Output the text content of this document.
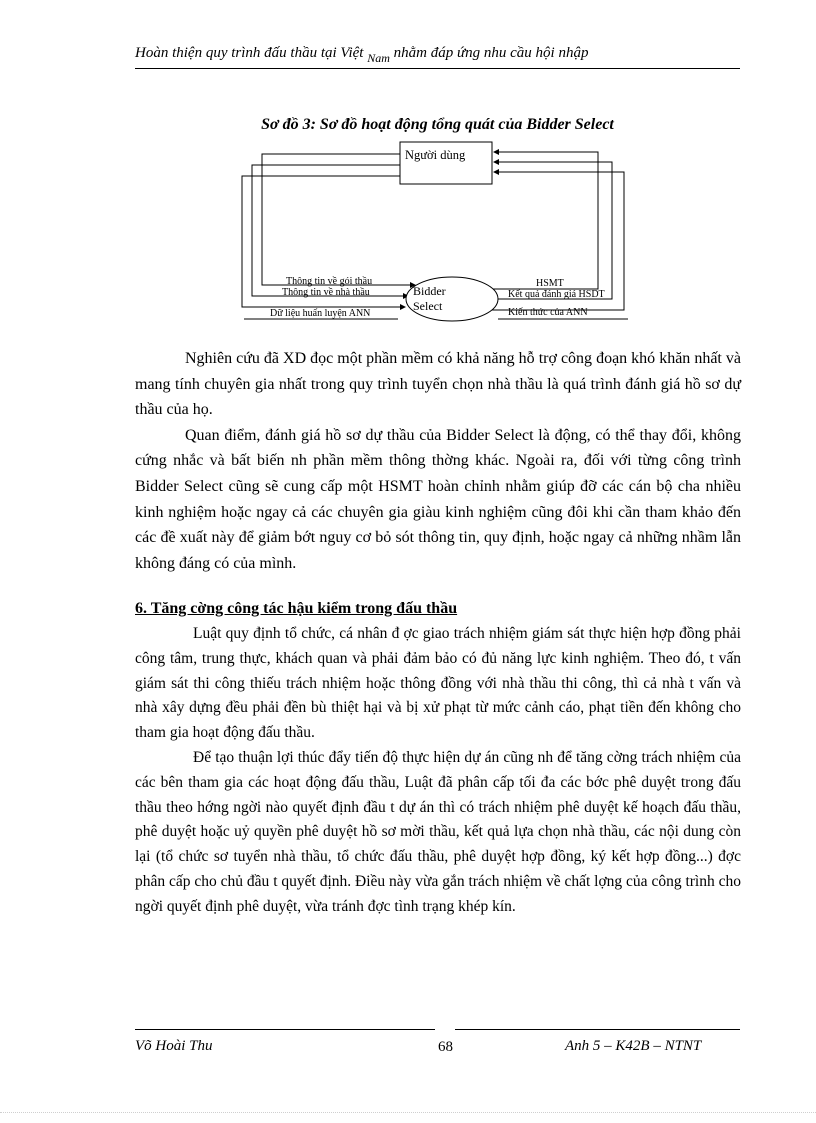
Hoàn thiện quy trình đấu thầu tại Việt $_{Nam}$ nhằm đáp ứng nhu cầu hội nhập
Sơ đồ 3: Sơ đồ hoạt động tổng quát của Bidder Select
Người dùng
Bidder
Select
Thông tin về gói thầu
Thông tin về nhà thầu
Dữ liệu huấn luyện ANN
HSMT
Kết quả đánh giá HSDT
Kiến thức của ANN

Nghiên cứu đã XD đọc một phần mềm có khả năng hỗ trợ công đoạn khó khăn nhất và mang tính chuyên gia nhất trong quy trình tuyển chọn nhà thầu là quá trình đánh giá hồ sơ dự thầu của họ.

Quan điểm, đánh giá hồ sơ dự thầu của Bidder Select là động, có thể thay đổi, không cứng nhắc và bất biến nh phần mềm thông thờng khác. Ngoài ra, đối với từng công trình Bidder Select cũng sẽ cung cấp một HSMT hoàn chỉnh nhằm giúp đỡ các cán bộ cha nhiều kinh nghiệm hoặc ngay cả các chuyên gia giàu kinh nghiệm cũng đôi khi cần tham khảo đến các đề xuất này để giảm bớt nguy cơ bỏ sót thông tin, quy định, hoặc ngay cả những nhầm lẫn không đáng có của mình.

6. Tăng cờng công tác hậu kiểm trong đấu thầu

Luật quy định tổ chức, cá nhân đ ợc giao trách nhiệm giám sát thực hiện hợp đồng phải công tâm, trung thực, khách quan và phải đảm bảo có đủ năng lực kinh nghiệm. Theo đó, t vấn giám sát thi công thiếu trách nhiệm hoặc thông đồng với nhà thầu thi công, thì cả nhà t vấn và nhà xây dựng đều phải đền bù thiệt hại và bị xử phạt từ mức cảnh cáo, phạt tiền đến không cho tham gia hoạt động đấu thầu.

Để tạo thuận lợi thúc đẩy tiến độ thực hiện dự án cũng nh để tăng cờng trách nhiệm của các bên tham gia các hoạt động đấu thầu, Luật đã phân cấp tối đa các bớc phê duyệt trong đấu thầu theo hớng ngời nào quyết định đầu t dự án thì có trách nhiệm phê duyệt kế hoạch đấu thầu, phê duyệt hoặc uỷ quyền phê duyệt hồ sơ mời thầu, kết quả lựa chọn nhà thầu, các nội dung còn lại (tổ chức sơ tuyển nhà thầu, tổ chức đấu thầu, phê duyệt hợp đồng, ký kết hợp đồng...) đợc phân cấp cho chủ đầu t quyết định. Điều này vừa gắn trách nhiệm về chất lợng của công trình cho ngời quyết định phê duyệt, vừa tránh đợc tình trạng khép kín.

Võ Hoài Thu	68	Anh 5 – K42B – NTNT
